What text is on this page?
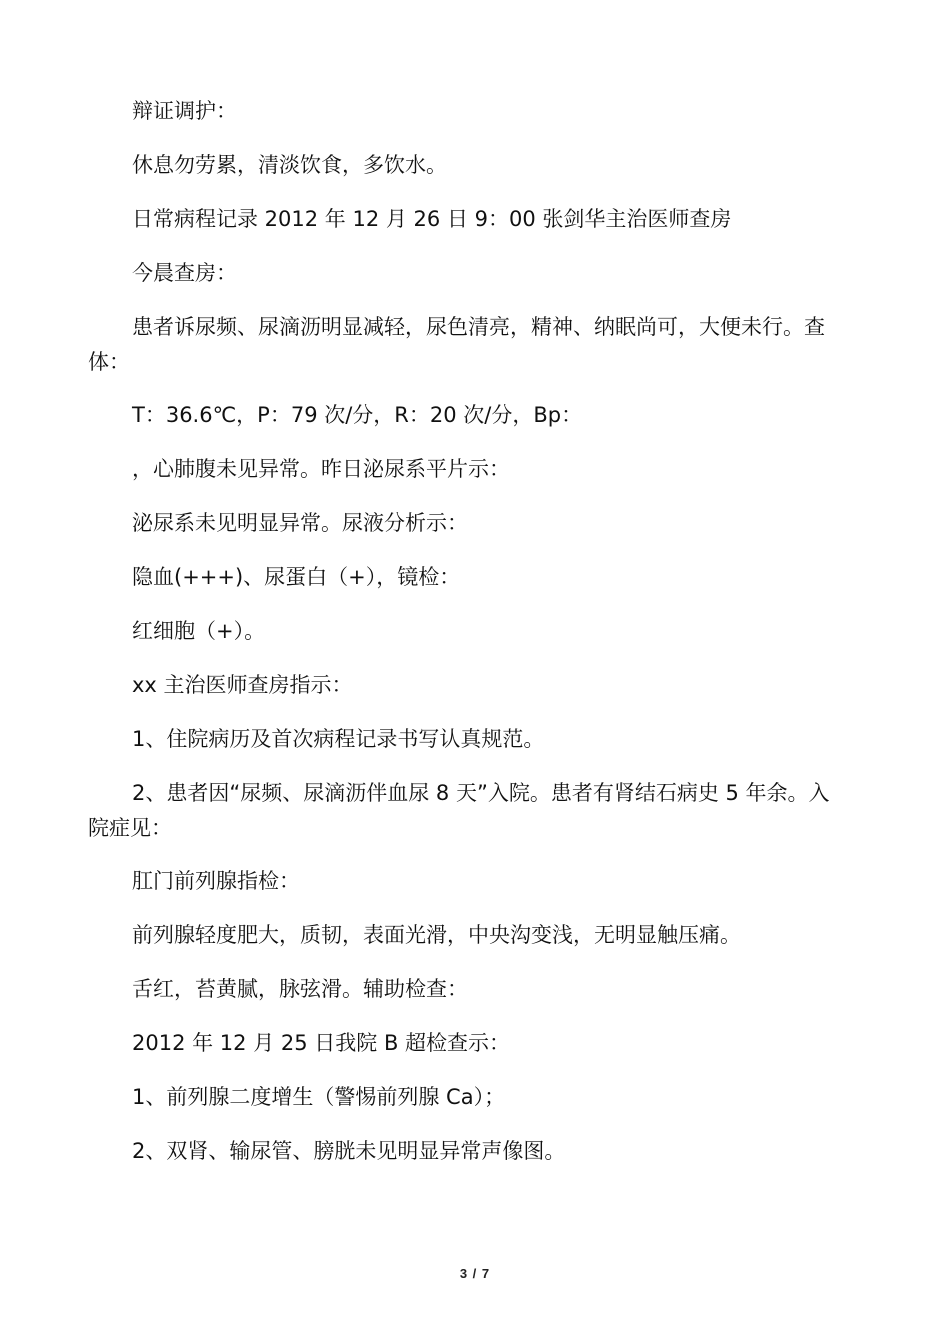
辩证调护：

休息勿劳累，清淡饮食，多饮水。

日常病程记录 2012 年 12 月 26 日 9：00 张剑华主治医师查房

今晨查房：

患者诉尿频、尿滴沥明显减轻，尿色清亮，精神、纳眠尚可，大便未行。查体：

T：36.6℃，P：79 次/分，R：20 次/分，Bp：

，心肺腹未见异常。昨日泌尿系平片示：

泌尿系未见明显异常。尿液分析示：

隐血(+++)、尿蛋白（+），镜检：

红细胞（+）。

xx 主治医师查房指示：

1、住院病历及首次病程记录书写认真规范。

2、患者因“尿频、尿滴沥伴血尿 8 天”入院。患者有肾结石病史 5 年余。入院症见：

肛门前列腺指检：

前列腺轻度肥大，质韧，表面光滑，中央沟变浅，无明显触压痛。

舌红，苔黄腻，脉弦滑。辅助检查：

2012 年 12 月 25 日我院 B 超检查示：

1、前列腺二度增生（警惕前列腺 Ca）；

2、双肾、输尿管、膀胱未见明显异常声像图。

3 / 7
